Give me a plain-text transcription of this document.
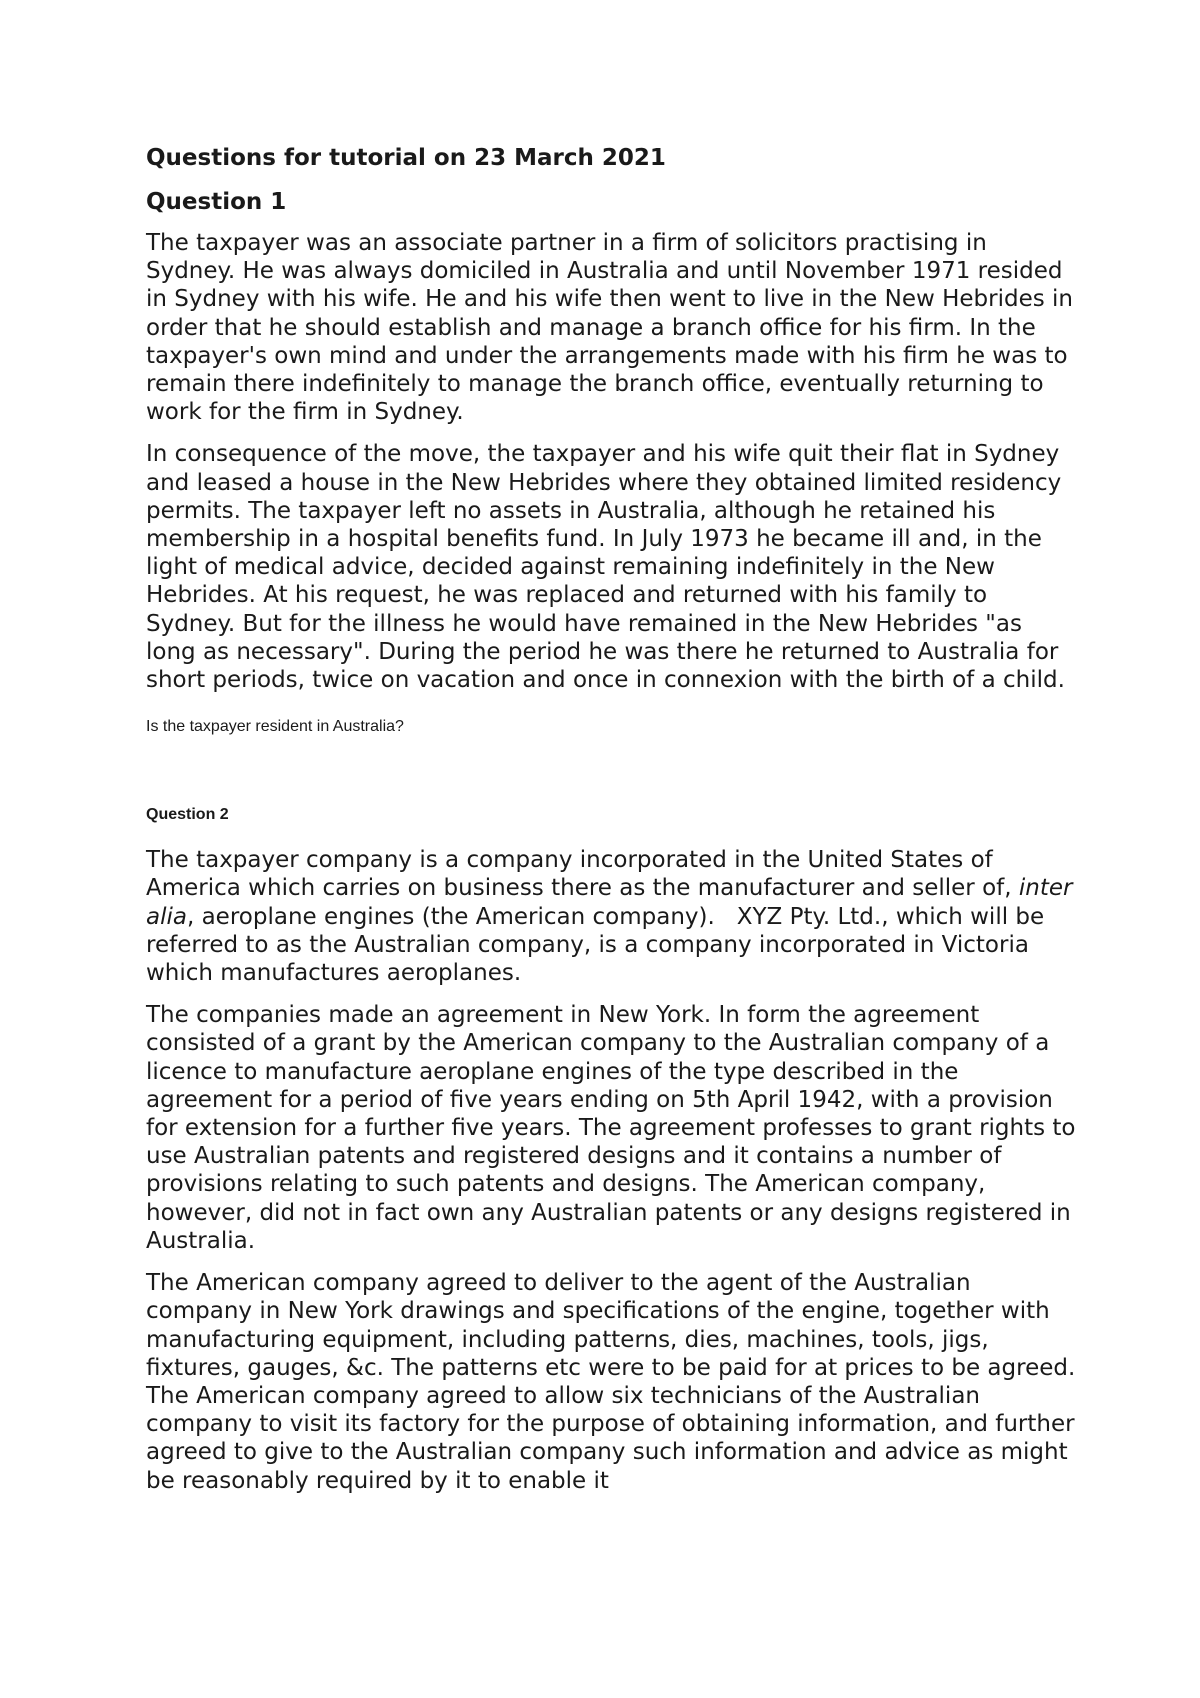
Questions for tutorial on 23 March 2021

Question 1

The taxpayer was an associate partner in a firm of solicitors practising in Sydney. He was always domiciled in Australia and until November 1971 resided in Sydney with his wife. He and his wife then went to live in the New Hebrides in order that he should establish and manage a branch office for his firm. In the taxpayer's own mind and under the arrangements made with his firm he was to remain there indefinitely to manage the branch office, eventually returning to work for the firm in Sydney.

In consequence of the move, the taxpayer and his wife quit their flat in Sydney and leased a house in the New Hebrides where they obtained limited residency permits. The taxpayer left no assets in Australia, although he retained his membership in a hospital benefits fund. In July 1973 he became ill and, in the light of medical advice, decided against remaining indefinitely in the New Hebrides. At his request, he was replaced and returned with his family to Sydney. But for the illness he would have remained in the New Hebrides "as long as necessary". During the period he was there he returned to Australia for short periods, twice on vacation and once in connexion with the birth of a child.

Is the taxpayer resident in Australia?

Question 2

The taxpayer company is a company incorporated in the United States of America which carries on business there as the manufacturer and seller of, inter alia, aeroplane engines (the American company).   XYZ Pty. Ltd., which will be referred to as the Australian company, is a company incorporated in Victoria which manufactures aeroplanes.

The companies made an agreement in New York. In form the agreement consisted of a grant by the American company to the Australian company of a licence to manufacture aeroplane engines of the type described in the agreement for a period of five years ending on 5th April 1942, with a provision for extension for a further five years. The agreement professes to grant rights to use Australian patents and registered designs and it contains a number of provisions relating to such patents and designs. The American company, however, did not in fact own any Australian patents or any designs registered in Australia.

The American company agreed to deliver to the agent of the Australian company in New York drawings and specifications of the engine, together with manufacturing equipment, including patterns, dies, machines, tools, jigs, fixtures, gauges, &c. The patterns etc were to be paid for at prices to be agreed. The American company agreed to allow six technicians of the Australian company to visit its factory for the purpose of obtaining information, and further agreed to give to the Australian company such information and advice as might be reasonably required by it to enable it
